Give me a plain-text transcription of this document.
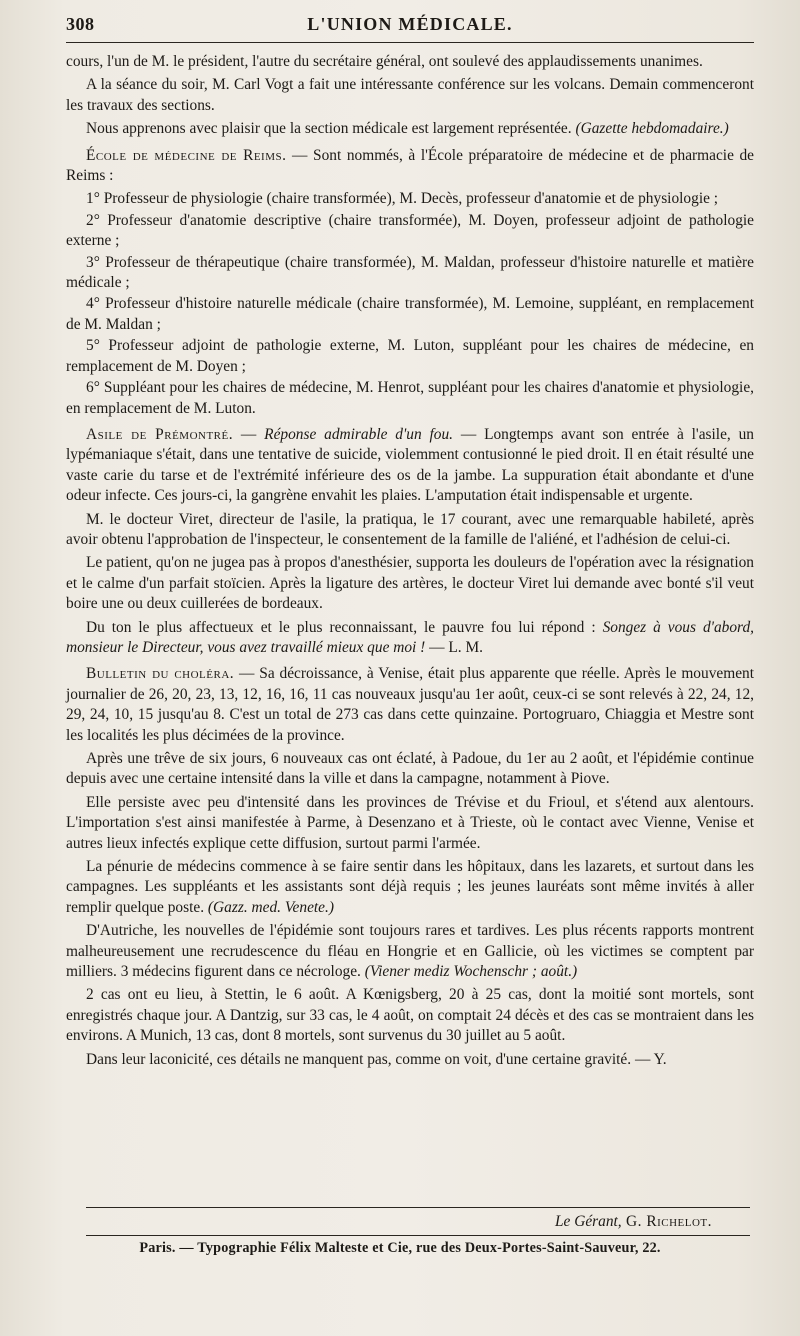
308	L'UNION MÉDICALE.

cours, l'un de M. le président, l'autre du secrétaire général, ont soulevé des applaudissements unanimes.

A la séance du soir, M. Carl Vogt a fait une intéressante conférence sur les volcans. Demain commenceront les travaux des sections.

Nous apprenons avec plaisir que la section médicale est largement représentée. (Gazette hebdomadaire.)

École de médecine de Reims. — Sont nommés, à l'École préparatoire de médecine et de pharmacie de Reims :

1° Professeur de physiologie (chaire transformée), M. Decès, professeur d'anatomie et de physiologie ;

2° Professeur d'anatomie descriptive (chaire transformée), M. Doyen, professeur adjoint de pathologie externe ;

3° Professeur de thérapeutique (chaire transformée), M. Maldan, professeur d'histoire naturelle et matière médicale ;

4° Professeur d'histoire naturelle médicale (chaire transformée), M. Lemoine, suppléant, en remplacement de M. Maldan ;

5° Professeur adjoint de pathologie externe, M. Luton, suppléant pour les chaires de médecine, en remplacement de M. Doyen ;

6° Suppléant pour les chaires de médecine, M. Henrot, suppléant pour les chaires d'anatomie et physiologie, en remplacement de M. Luton.

Asile de Prémontré. — Réponse admirable d'un fou. — Longtemps avant son entrée à l'asile, un lypémaniaque s'était, dans une tentative de suicide, violemment contusionné le pied droit. Il en était résulté une vaste carie du tarse et de l'extrémité inférieure des os de la jambe. La suppuration était abondante et d'une odeur infecte. Ces jours-ci, la gangrène envahit les plaies. L'amputation était indispensable et urgente.

M. le docteur Viret, directeur de l'asile, la pratiqua, le 17 courant, avec une remarquable habileté, après avoir obtenu l'approbation de l'inspecteur, le consentement de la famille de l'aliéné, et l'adhésion de celui-ci.

Le patient, qu'on ne jugea pas à propos d'anesthésier, supporta les douleurs de l'opération avec la résignation et le calme d'un parfait stoïcien. Après la ligature des artères, le docteur Viret lui demande avec bonté s'il veut boire une ou deux cuillerées de bordeaux.

Du ton le plus affectueux et le plus reconnaissant, le pauvre fou lui répond : Songez à vous d'abord, monsieur le Directeur, vous avez travaillé mieux que moi ! — L. M.

Bulletin du choléra. — Sa décroissance, à Venise, était plus apparente que réelle. Après le mouvement journalier de 26, 20, 23, 13, 12, 16, 16, 11 cas nouveaux jusqu'au 1er août, ceux-ci se sont relevés à 22, 24, 12, 29, 24, 10, 15 jusqu'au 8. C'est un total de 273 cas dans cette quinzaine. Portogruaro, Chiaggia et Mestre sont les localités les plus décimées de la province.

Après une trêve de six jours, 6 nouveaux cas ont éclaté, à Padoue, du 1er au 2 août, et l'épidémie continue depuis avec une certaine intensité dans la ville et dans la campagne, notamment à Piove.

Elle persiste avec peu d'intensité dans les provinces de Trévise et du Frioul, et s'étend aux alentours. L'importation s'est ainsi manifestée à Parme, à Desenzano et à Trieste, où le contact avec Vienne, Venise et autres lieux infectés explique cette diffusion, surtout parmi l'armée.

La pénurie de médecins commence à se faire sentir dans les hôpitaux, dans les lazarets, et surtout dans les campagnes. Les suppléants et les assistants sont déjà requis ; les jeunes lauréats sont même invités à aller remplir quelque poste. (Gazz. med. Venete.)

D'Autriche, les nouvelles de l'épidémie sont toujours rares et tardives. Les plus récents rapports montrent malheureusement une recrudescence du fléau en Hongrie et en Gallicie, où les victimes se comptent par milliers. 3 médecins figurent dans ce nécrologe. (Viener mediz Wochenschr ; août.)

2 cas ont eu lieu, à Stettin, le 6 août. A Kœnigsberg, 20 à 25 cas, dont la moitié sont mortels, sont enregistrés chaque jour. A Dantzig, sur 33 cas, le 4 août, on comptait 24 décès et des cas se montraient dans les environs. A Munich, 13 cas, dont 8 mortels, sont survenus du 30 juillet au 5 août.

Dans leur laconicité, ces détails ne manquent pas, comme on voit, d'une certaine gravité. — Y.

Le Gérant, G. Richelot.
Paris. — Typographie Félix Malteste et Cie, rue des Deux-Portes-Saint-Sauveur, 22.
